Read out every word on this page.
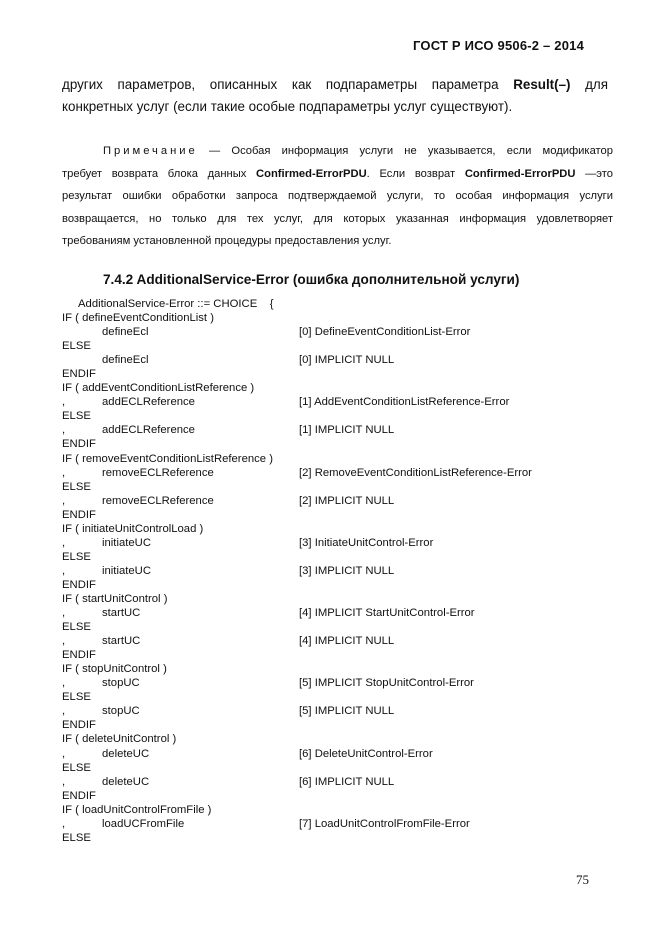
ГОСТ Р ИСО 9506-2 – 2014
других параметров, описанных как подпараметры параметра Result(–) для
конкретных услуг (если такие особые подпараметры услуг существуют).
Примечание — Особая информация услуги не указывается, если модификатор
требует возврата блока данных Confirmed-ErrorPDU. Если возврат Confirmed-ErrorPDU —это
результат ошибки обработки запроса подтверждаемой услуги, то особая информация услуги
возвращается, но только для тех услуг, для которых указанная информация удовлетворяет
требованиям установленной процедуры предоставления услуг.
7.4.2 AdditionalService-Error (ошибка дополнительной услуги)
AdditionalService-Error ::= CHOICE    {
IF ( defineEventConditionList )
defineEcl	[0] DefineEventConditionList-Error
ELSE
defineEcl	[0] IMPLICIT NULL
ENDIF
IF ( addEventConditionListReference )
,	addECLReference	[1] AddEventConditionListReference-Error
ELSE
,	addECLReference	[1] IMPLICIT NULL
ENDIF
IF ( removeEventConditionListReference )
,	removeECLReference	[2] RemoveEventConditionListReference-Error
ELSE
,	removeECLReference	[2] IMPLICIT NULL
ENDIF
IF ( initiateUnitControlLoad )
,	initiateUC	[3] InitiateUnitControl-Error
ELSE
,	initiateUC	[3] IMPLICIT NULL
ENDIF
IF ( startUnitControl )
,	startUC	[4] IMPLICIT StartUnitControl-Error
ELSE
,	startUC	[4] IMPLICIT NULL
ENDIF
IF ( stopUnitControl )
,	stopUC	[5] IMPLICIT StopUnitControl-Error
ELSE
,	stopUC	[5] IMPLICIT NULL
ENDIF
IF ( deleteUnitControl )
,	deleteUC	[6] DeleteUnitControl-Error
ELSE
,	deleteUC	[6] IMPLICIT NULL
ENDIF
IF ( loadUnitControlFromFile )
,	loadUCFromFile	[7] LoadUnitControlFromFile-Error
ELSE
75
